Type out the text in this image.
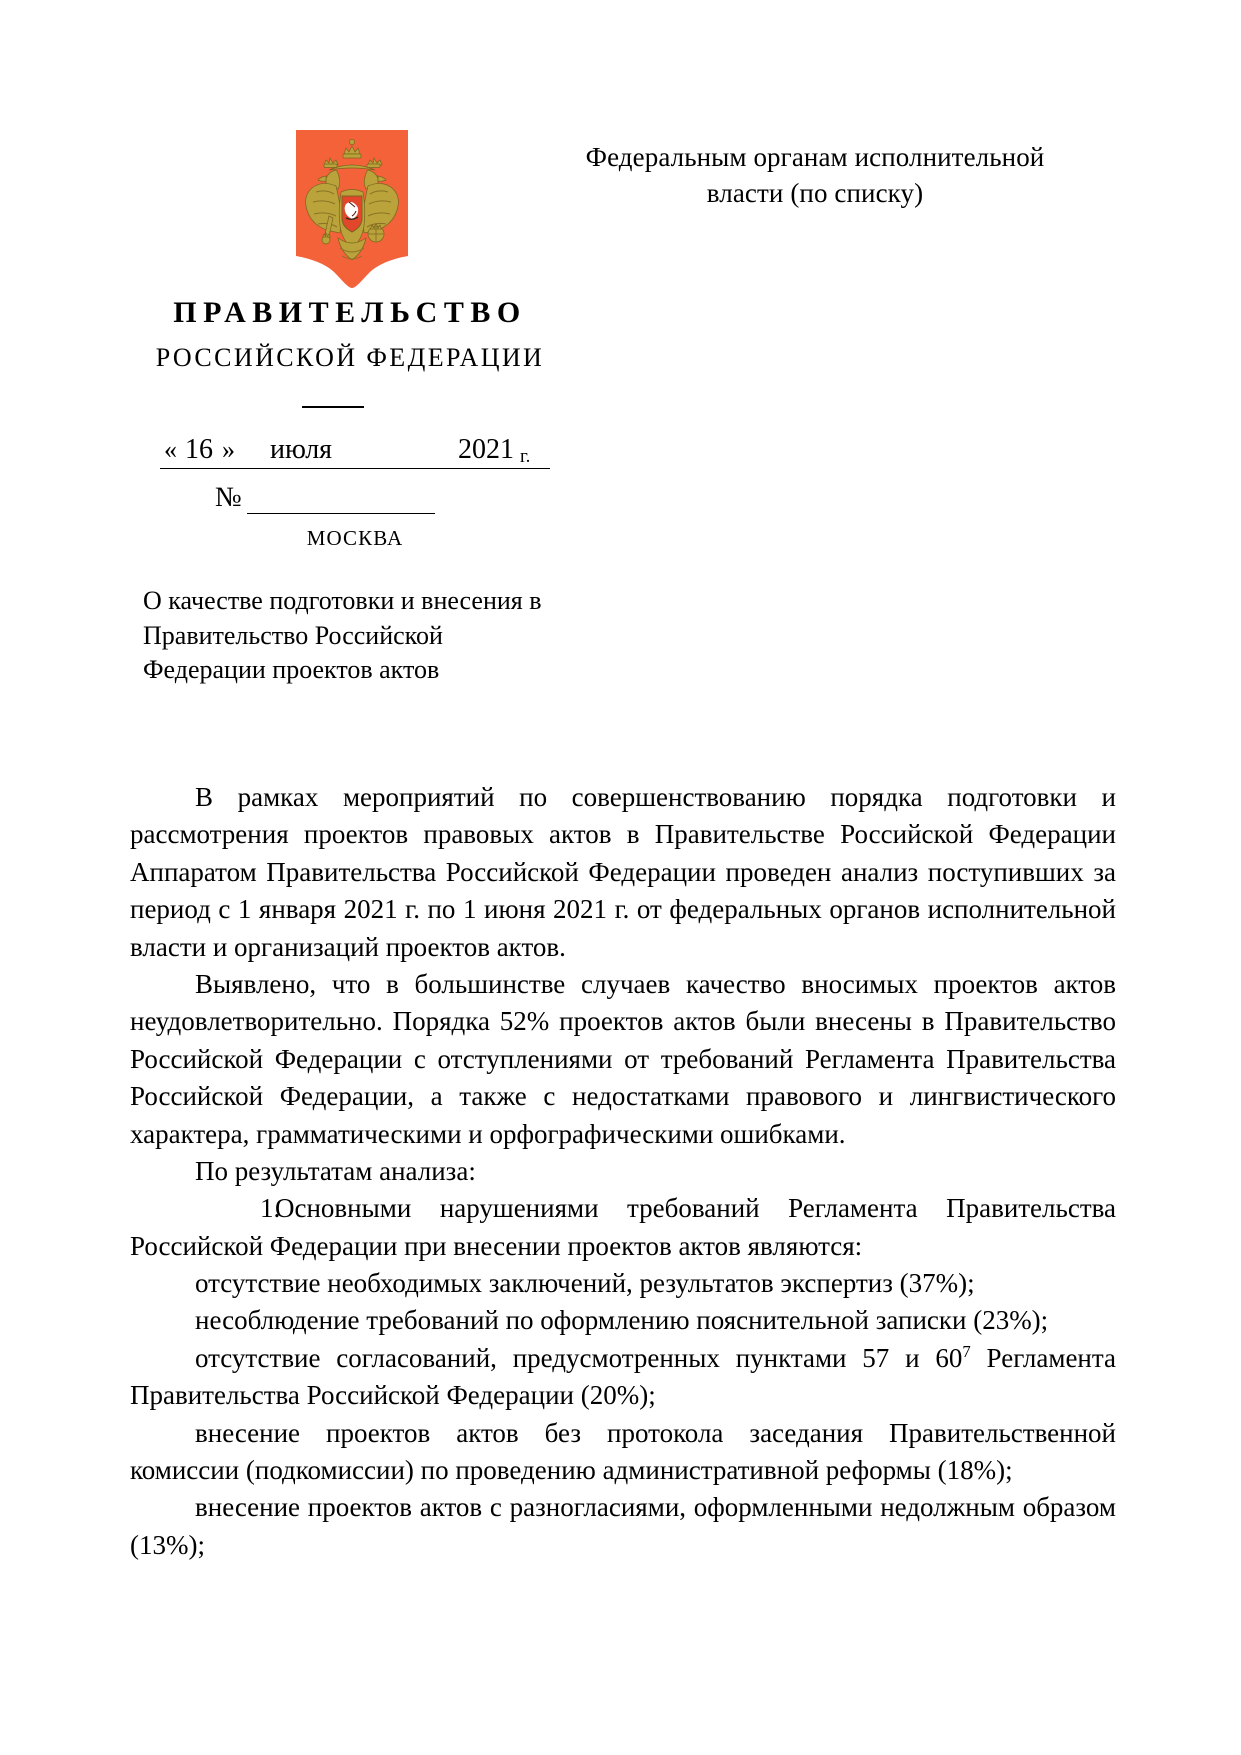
Федеральным органам исполнительной власти (по списку)
ПРАВИТЕЛЬСТВО
РОССИЙСКОЙ ФЕДЕРАЦИИ
« 16 » июля	2021 г.
№
МОСКВА
О качестве подготовки и внесения в Правительство Российской Федерации проектов актов

В рамках мероприятий по совершенствованию порядка подготовки и рассмотрения проектов правовых актов в Правительстве Российской Федерации Аппаратом Правительства Российской Федерации проведен анализ поступивших за период с 1 января 2021 г. по 1 июня 2021 г. от федеральных органов исполнительной власти и организаций проектов актов.

Выявлено, что в большинстве случаев качество вносимых проектов актов неудовлетворительно. Порядка 52% проектов актов были внесены в Правительство Российской Федерации с отступлениями от требований Регламента Правительства Российской Федерации, а также с недостатками правового и лингвистического характера, грамматическими и орфографическими ошибками.

По результатам анализа:

1.Основными нарушениями требований Регламента Правительства Российской Федерации при внесении проектов актов являются:

отсутствие необходимых заключений, результатов экспертиз (37%);

несоблюдение требований по оформлению пояснительной записки (23%);

отсутствие согласований, предусмотренных пунктами 57 и $60^7$ Регламента Правительства Российской Федерации (20%);

внесение проектов актов без протокола заседания Правительственной комиссии (подкомиссии) по проведению административной реформы (18%);

внесение проектов актов с разногласиями, оформленными недолжным образом (13%);
